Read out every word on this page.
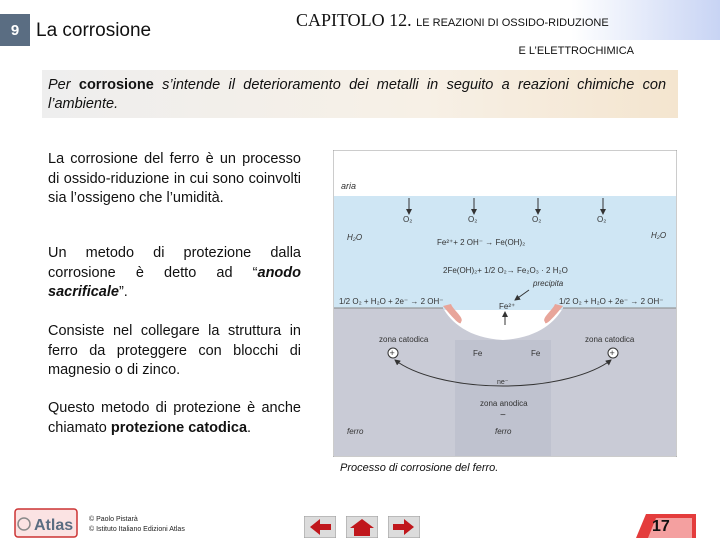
9 La corrosione	CAPITOLO 12. LE REAZIONI DI OSSIDO-RIDUZIONE
E L’ELETTROCHIMICA
Per corrosione s’intende il deterioramento dei metalli in seguito a reazioni chimiche con l’ambiente.
La corrosione del ferro è un processo di ossido-riduzione in cui sono coinvolti sia l’ossigeno che l’umidità.
Un metodo di protezione dalla corrosione è detto ad “anodo sacrificale”.
Consiste nel collegare la struttura in ferro da proteggere con blocchi di magnesio o di zinco.
Questo metodo di protezione è anche chiamato protezione catodica.
aria
O₂	O₂	O₂	O₂
H₂O	H₂O
Fe²⁺+ 2 OH⁻ → Fe(OH)₂
2Fe(OH)₂+ 1/2 O₂→ Fe₂O₃ · 2 H₂O
precipita
1/2 O₂ + H₂O + 2e⁻ → 2 OH⁻	1/2 O₂ + H₂O + 2e⁻ → 2 OH⁻
Fe²⁺
zona catodica	zona catodica
+	+
Fe	Fe
ne⁻
zona anodica
−
ferro	ferro
Processo di corrosione del ferro.
Atlas © Paolo Pistarà
© Istituto Italiano Edizioni Atlas	17
